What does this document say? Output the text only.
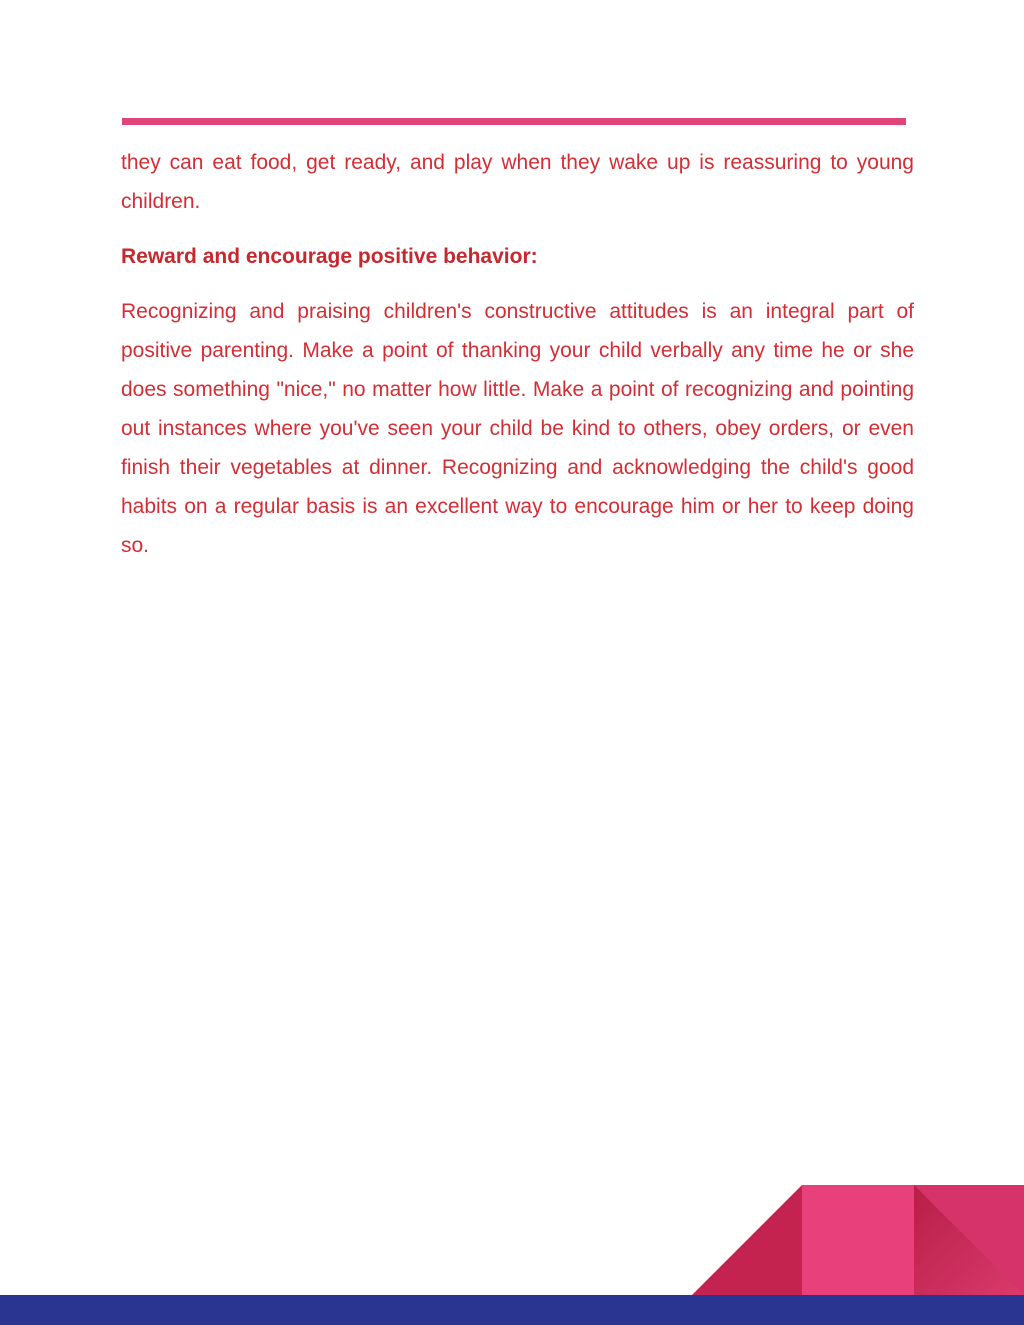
they can eat food, get ready, and play when they wake up is reassuring to young children.

Reward and encourage positive behavior:

Recognizing and praising children's constructive attitudes is an integral part of positive parenting. Make a point of thanking your child verbally any time he or she does something "nice," no matter how little. Make a point of recognizing and pointing out instances where you've seen your child be kind to others, obey orders, or even finish their vegetables at dinner. Recognizing and acknowledging the child's good habits on a regular basis is an excellent way to encourage him or her to keep doing so.
